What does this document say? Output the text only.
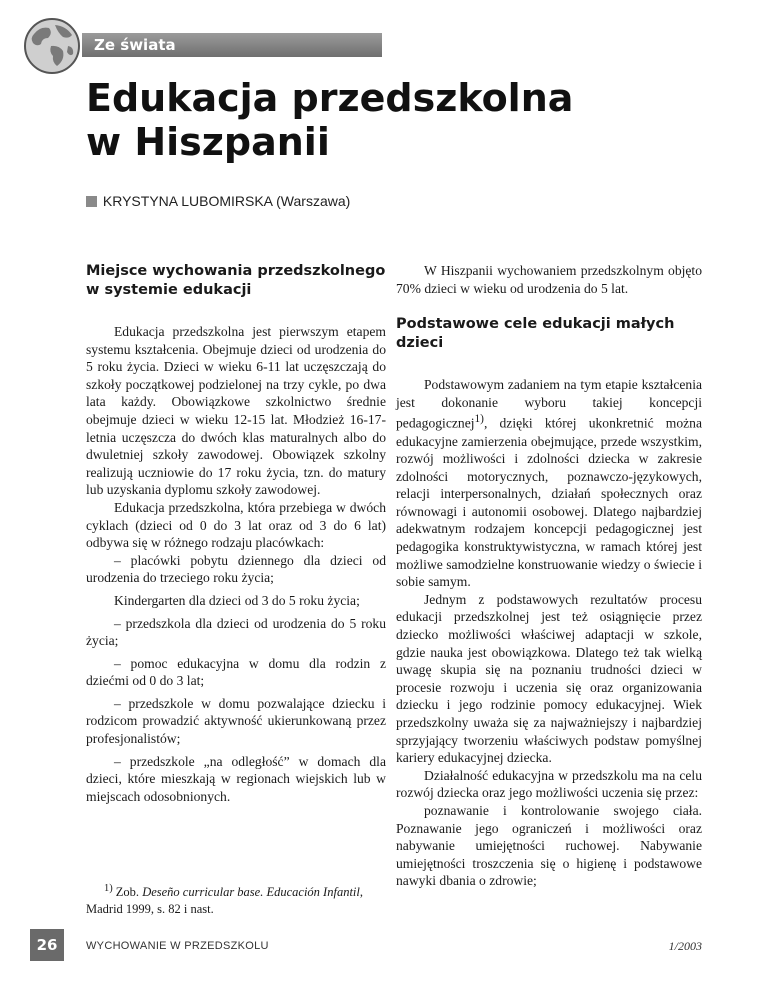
Ze świata
Edukacja przedszkolna
w Hiszpanii
KRYSTYNA LUBOMIRSKA (Warszawa)
Miejsce wychowania przedszkolnego w systemie edukacji

Edukacja przedszkolna jest pierwszym etapem systemu kształcenia. Obejmuje dzieci od urodzenia do 5 roku życia. Dzieci w wieku 6-11 lat uczęszczają do szkoły początkowej podzielonej na trzy cykle, po dwa lata każdy. Obowiązkowe szkolnictwo średnie obejmuje dzieci w wieku 12-15 lat. Młodzież 16-17-letnia uczęszcza do dwóch klas maturalnych albo do dwuletniej szkoły zawodowej. Obowiązek szkolny realizują uczniowie do 17 roku życia, tzn. do matury lub uzyskania dyplomu szkoły zawodowej.

Edukacja przedszkolna, która przebiega w dwóch cyklach (dzieci od 0 do 3 lat oraz od 3 do 6 lat) odbywa się w różnego rodzaju placówkach:

– placówki pobytu dziennego dla dzieci od urodzenia do trzeciego roku życia;

Kindergarten dla dzieci od 3 do 5 roku życia;

– przedszkola dla dzieci od urodzenia do 5 roku życia;

– pomoc edukacyjna w domu dla rodzin z dziećmi od 0 do 3 lat;

– przedszkole w domu pozwalające dziecku i rodzicom prowadzić aktywność ukierunkowaną przez profesjonalistów;

– przedszkole „na odległość” w domach dla dzieci, które mieszkają w regionach wiejskich lub w miejscach odosobnionych.

$^{1)}$ Zob. Deseño curricular base. Educación Infantil, Madrid 1999, s. 82 i nast.

W Hiszpanii wychowaniem przedszkolnym objęto 70% dzieci w wieku od urodzenia do 5 lat.

Podstawowe cele edukacji małych dzieci

Podstawowym zadaniem na tym etapie kształcenia jest dokonanie wyboru takiej koncepcji pedagogicznej$^{1)}$, dzięki której ukonkretnić można edukacyjne zamierzenia obejmujące, przede wszystkim, rozwój możliwości i zdolności dziecka w zakresie zdolności motorycznych, poznawczo-językowych, relacji interpersonalnych, działań społecznych oraz równowagi i autonomii osobowej. Dlatego najbardziej adekwatnym rodzajem koncepcji pedagogicznej jest pedagogika konstruktywistyczna, w ramach której jest możliwe samodzielne konstruowanie wiedzy o świecie i sobie samym.

Jednym z podstawowych rezultatów procesu edukacji przedszkolnej jest też osiągnięcie przez dziecko możliwości właściwej adaptacji w szkole, gdzie nauka jest obowiązkowa. Dlatego też tak wielką uwagę skupia się na poznaniu trudności dzieci w procesie rozwoju i uczenia się oraz organizowania dziecku i jego rodzinie pomocy edukacyjnej. Wiek przedszkolny uważa się za najważniejszy i najbardziej sprzyjający tworzeniu właściwych podstaw pomyślnej kariery edukacyjnej dziecka.

Działalność edukacyjna w przedszkolu ma na celu rozwój dziecka oraz jego możliwości uczenia się przez:

poznawanie i kontrolowanie swojego ciała. Poznawanie jego ograniczeń i możliwości oraz nabywanie umiejętności ruchowej. Nabywanie umiejętności troszczenia się o higienę i podstawowe nawyki dbania o zdrowie;

26	WYCHOWANIE W PRZEDSZKOLU	1/2003
